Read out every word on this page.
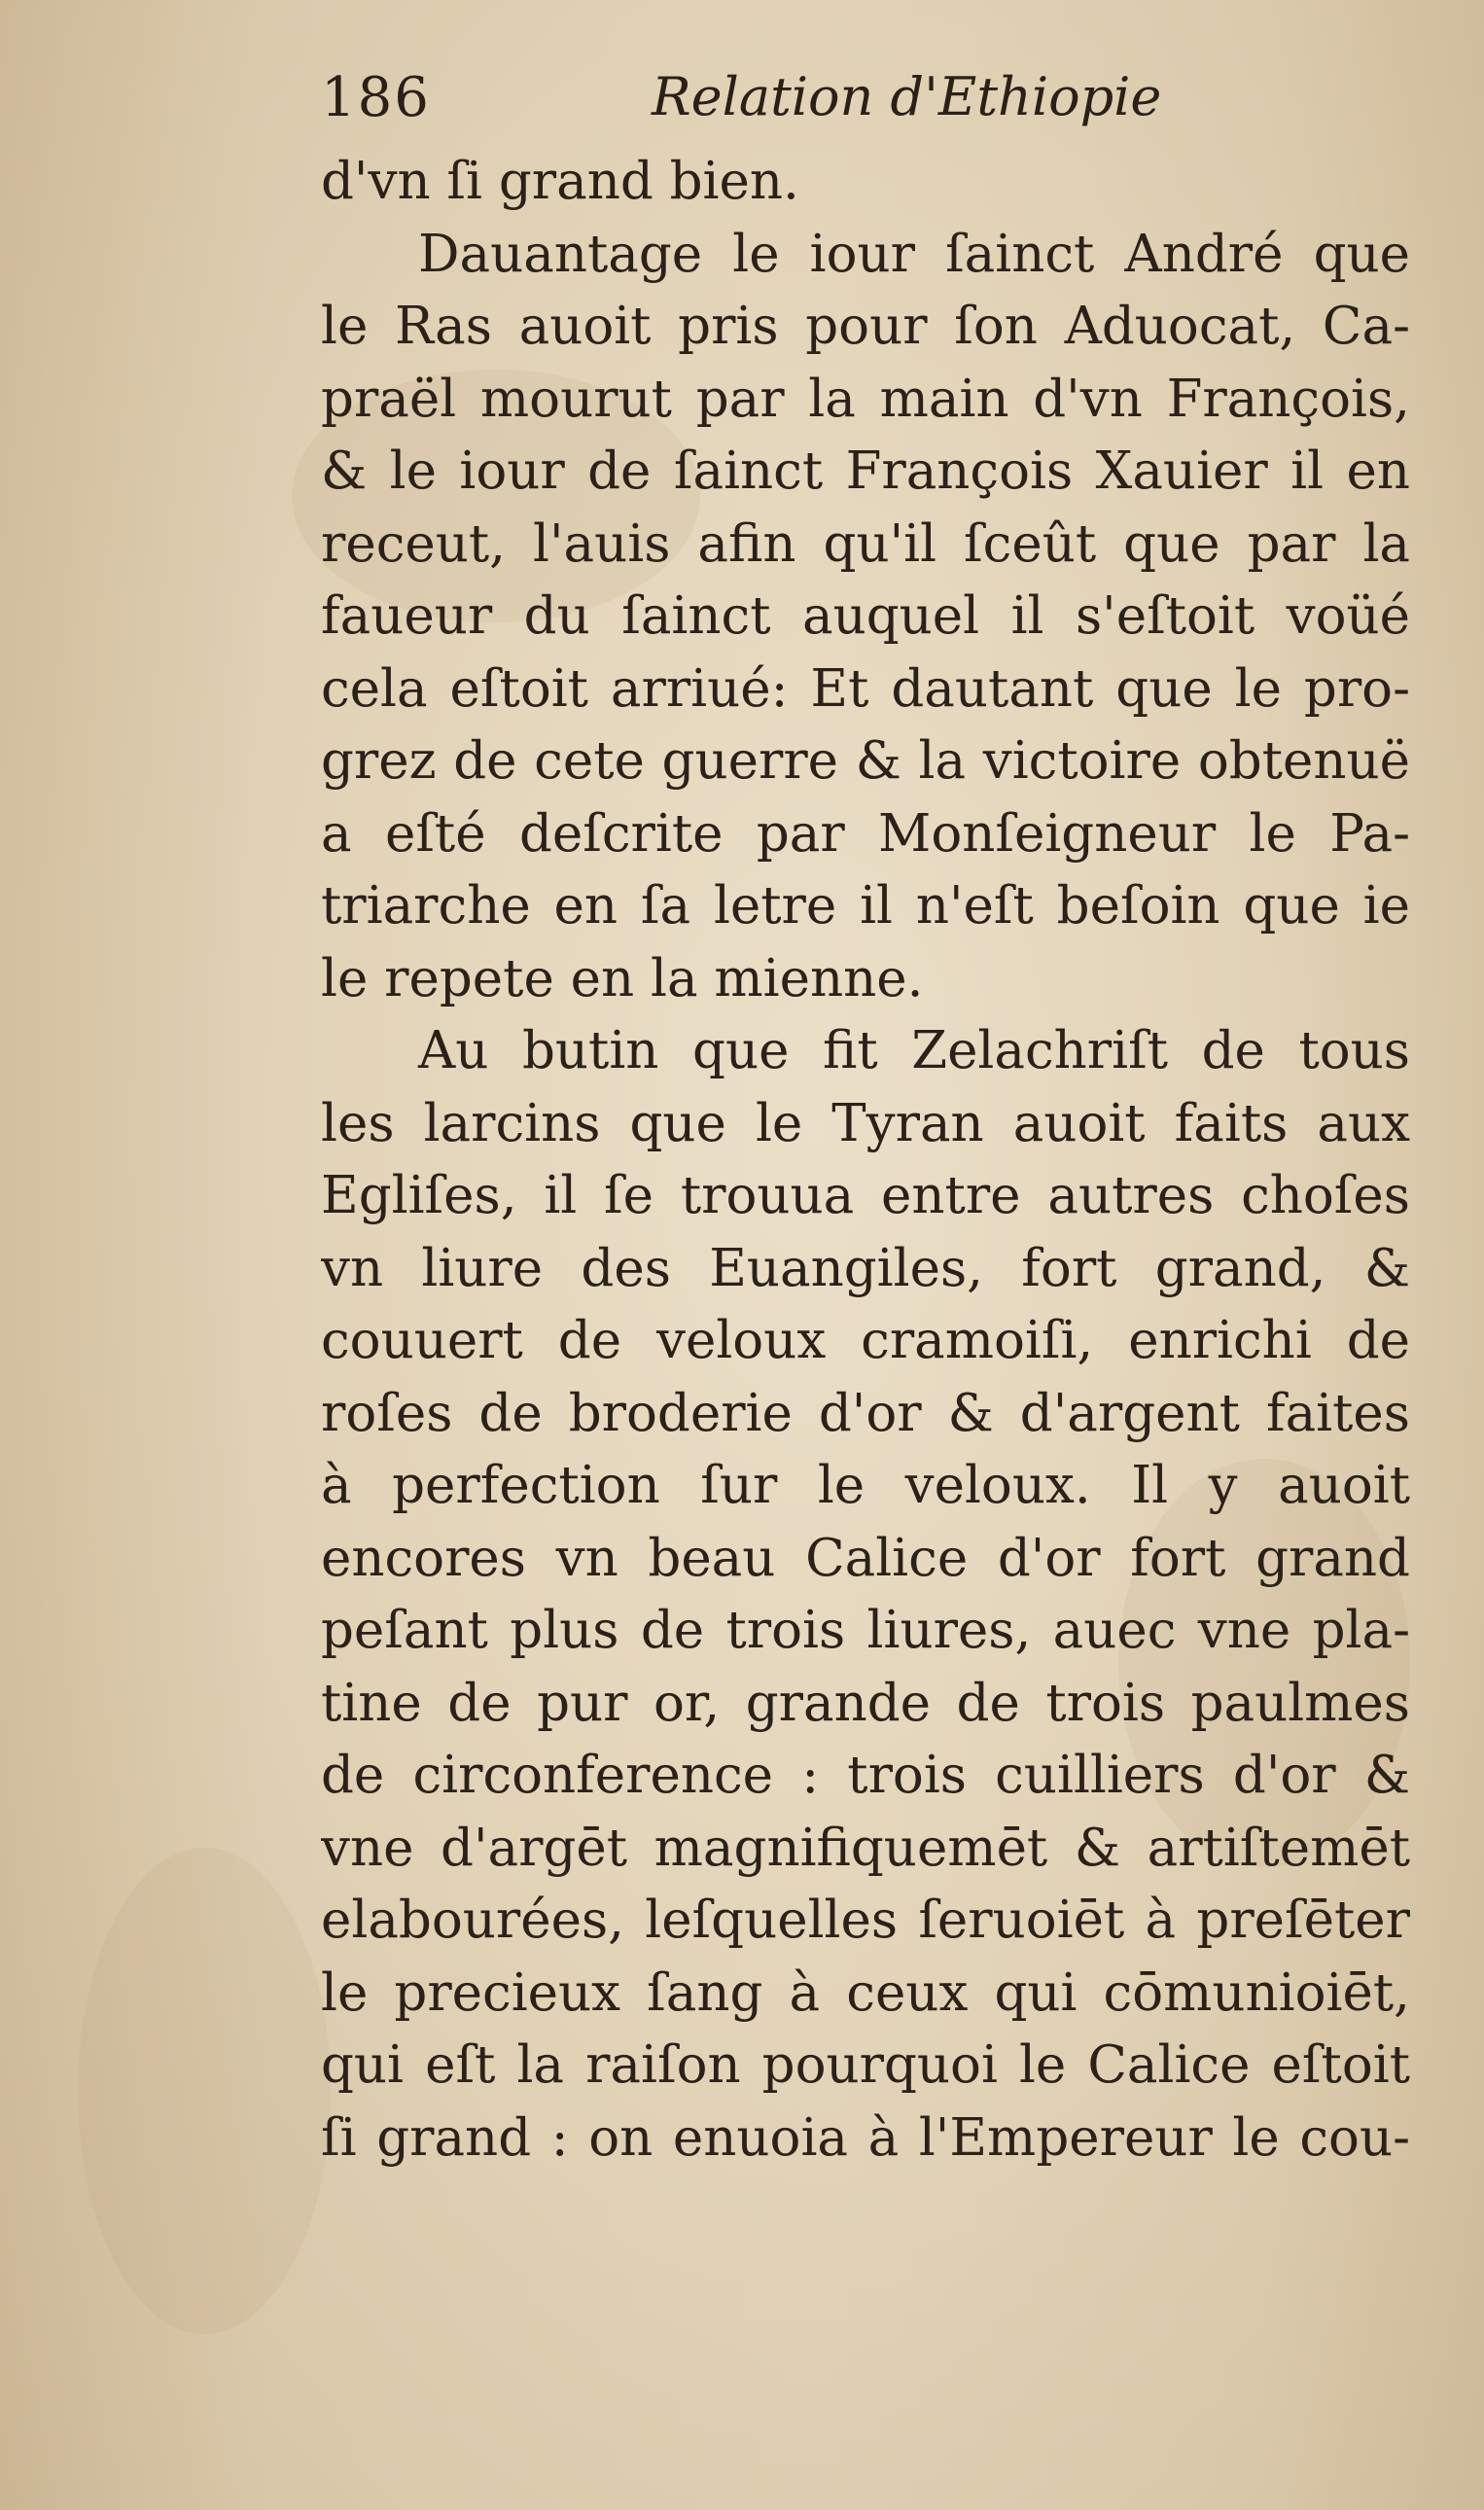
186	Relation d'Ethiopie
d'vn ſi grand bien.
Dauantage le iour ſainct André que
le Ras auoit pris pour ſon Aduocat, Ca-
praël mourut par la main d'vn François,
& le iour de ſainct François Xauier il en
receut, l'auis afin qu'il ſceût que par la
faueur du ſainct auquel il s'eſtoit voüé
cela eſtoit arriué: Et dautant que le pro-
grez de cete guerre & la victoire obtenuë
a eſté deſcrite par Monſeigneur le Pa-
triarche en ſa letre il n'eſt beſoin que ie
le repete en la mienne.
Au butin que fit Zelachriſt de tous
les larcins que le Tyran auoit faits aux
Egliſes, il ſe trouua entre autres choſes
vn liure des Euangiles, fort grand, &
couuert de veloux cramoiſi, enrichi de
roſes de broderie d'or & d'argent faites
à perfection ſur le veloux. Il y auoit
encores vn beau Calice d'or fort grand
peſant plus de trois liures, auec vne pla-
tine de pur or, grande de trois paulmes
de circonference : trois cuilliers d'or &
vne d'argēt magnifiquemēt & artiſtemēt
elabourées, leſquelles ſeruoiēt à preſēter
le precieux ſang à ceux qui cōmunioiēt,
qui eſt la raiſon pourquoi le Calice eſtoit
ſi grand : on enuoia à l'Empereur le cou-
